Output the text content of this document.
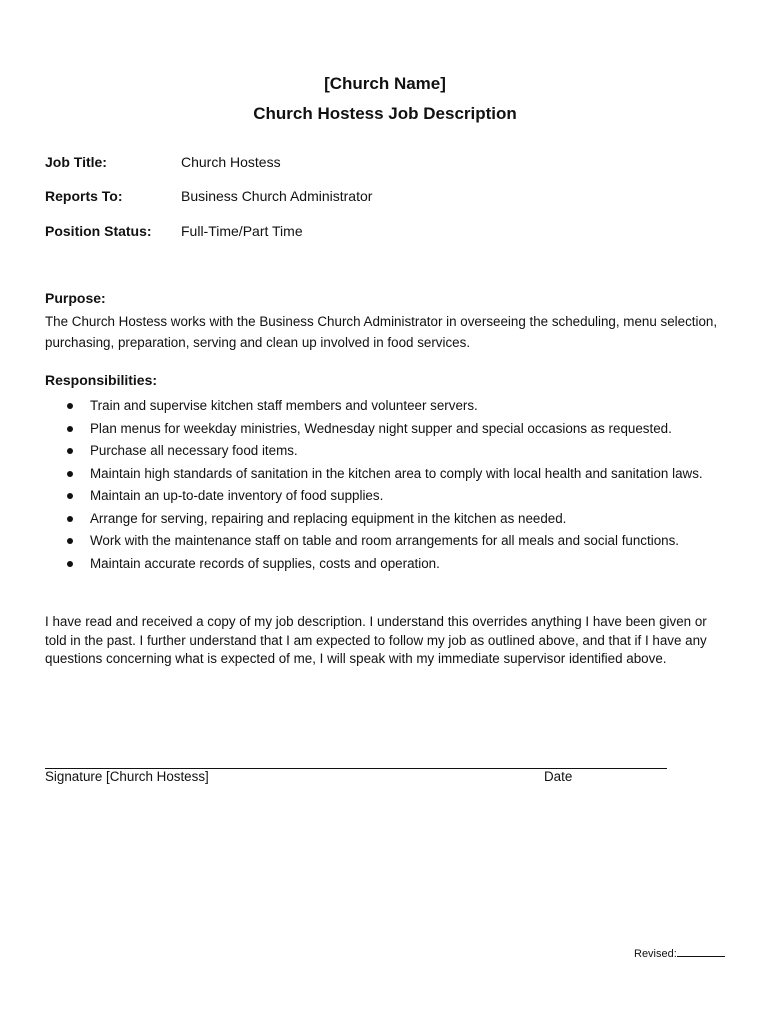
[Church Name]
Church Hostess Job Description
Job Title:	Church Hostess
Reports To:	Business Church Administrator
Position Status: Full-Time/Part Time
Purpose:
The Church Hostess works with the Business Church Administrator in overseeing the scheduling, menu selection, purchasing, preparation, serving and clean up involved in food services.
Responsibilities:
Train and supervise kitchen staff members and volunteer servers.
Plan menus for weekday ministries, Wednesday night supper and special occasions as requested.
Purchase all necessary food items.
Maintain high standards of sanitation in the kitchen area to comply with local health and sanitation laws.
Maintain an up-to-date inventory of food supplies.
Arrange for serving, repairing and replacing equipment in the kitchen as needed.
Work with the maintenance staff on table and room arrangements for all meals and social functions.
Maintain accurate records of supplies, costs and operation.
I have read and received a copy of my job description. I understand this overrides anything I have been given or told in the past. I further understand that I am expected to follow my job as outlined above, and that if I have any questions concerning what is expected of me, I will speak with my immediate supervisor identified above.
Signature [Church Hostess]	Date
Revised:
